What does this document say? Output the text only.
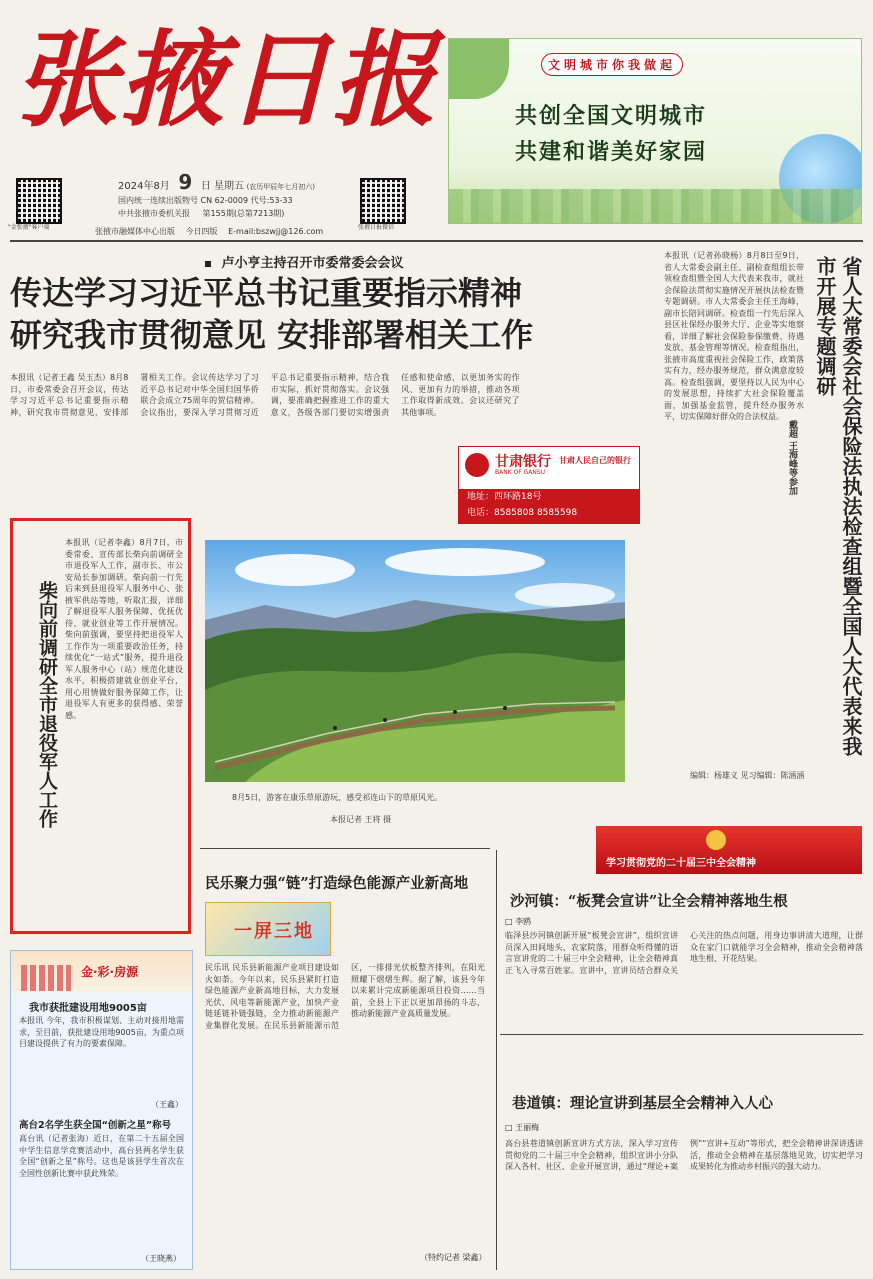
张掖日报
"金张掖"客户端
2024年8月 9 日 星期五 (农历甲辰年七月初六)
国内统一连续出版物号 CN 62-0009 代号:53-33
中共张掖市委机关报 第155期(总第7213期)
张掖日报微信
张掖市融媒体中心出版 今日四版 E-mail:bszwjj@126.com
文明城市你我做起
共创全国文明城市
共建和谐美好家园
卢小亨主持召开市委常委会会议
传达学习习近平总书记重要指示精神
研究我市贯彻意见 安排部署相关工作
本报讯（记者王鑫 吴玉杰）8月8日，市委常委会召开会议，传达学习习近平总书记重要指示精神，研究我市贯彻意见，安排部署相关工作。会议传达学习了习近平总书记对中华全国归国华侨联合会成立75周年的贺信精神。会议指出，要深入学习贯彻习近平总书记重要指示精神，结合我市实际，抓好贯彻落实。会议强调，要准确把握推进工作的重大意义，各级各部门要切实增强责任感和使命感，以更加务实的作风、更加有力的举措，推动各项工作取得新成效。会议还研究了其他事项。
甘肃银行
BANK OF GANSU
甘肃人民自己的银行
地址：西环路18号
电话：8585808 8585598
本报讯（记者孙晓杨）8月8日至9日，省人大常委会副主任、副检查组组长带领检查组暨全国人大代表来我市，就社会保险法贯彻实施情况开展执法检查暨专题调研。市人大常委会主任王海峰，副市长陪同调研。检查组一行先后深入县区社保经办服务大厅、企业等实地察看，详细了解社会保险参保缴费、待遇发放、基金管理等情况。检查组指出，张掖市高度重视社会保险工作，政策落实有力，经办服务规范，群众满意度较高。检查组强调，要坚持以人民为中心的发展思想，持续扩大社会保险覆盖面，加强基金监管，提升经办服务水平，切实保障好群众的合法权益。	省人大常委会社会保险法执法检查组暨全国人大代表来我市开展专题调研
戴超 王海峰等参加
编辑：杨雄义 见习编辑：陈涵涵
柴向前调研全市退役军人工作
本报讯（记者李鑫）8月7日，市委常委、宣传部长柴向前调研全市退役军人工作，副市长、市公安局长参加调研。柴向前一行先后来到县退役军人服务中心、张掖军供站等地，听取汇报，详细了解退役军人服务保障、优抚优待、就业创业等工作开展情况。柴向前强调，要坚持把退役军人工作作为一项重要政治任务，持续优化“一站式”服务，提升退役军人服务中心（站）规范化建设水平，积极搭建就业创业平台，用心用情做好服务保障工作，让退役军人有更多的获得感、荣誉感。
8月5日，游客在康乐草原游玩，感受祁连山下的草原风光。
本报记者 王将 摄
民乐聚力强“链”打造绿色能源产业新高地
一屏三地
民乐讯 民乐县新能源产业项目建设如火如荼。今年以来，民乐县紧盯打造绿色能源产业新高地目标，大力发展光伏、风电等新能源产业，加快产业链延链补链强链，全力推动新能源产业集群化发展。在民乐县新能源示范区，一排排光伏板整齐排列，在阳光照耀下熠熠生辉。据了解，该县今年以来累计完成新能源项目投资……当前，全县上下正以更加昂扬的斗志，推动新能源产业高质量发展。
（特约记者 梁鑫）
金·彩·房源
我市获批建设用地9005亩
本报讯 今年，我市积极谋划、主动对接用地需求，至目前，获批建设用地9005亩，为重点项目建设提供了有力的要素保障。
（王鑫）
高台2名学生获全国“创新之星”称号
高台讯（记者张海）近日，在第二十五届全国中学生信息学竞赛活动中，高台县两名学生获全国“创新之星”称号。这也是该县学生首次在全国性创新比赛中获此殊荣。
（王晓燕）
学习贯彻党的二十届三中全会精神
沙河镇：“板凳会宣讲”让全会精神落地生根
□ 李鸥
临泽县沙河镇创新开展“板凳会宣讲”，组织宣讲员深入田间地头、农家院落，用群众听得懂的语言宣讲党的二十届三中全会精神，让全会精神真正飞入寻常百姓家。宣讲中，宣讲员结合群众关心关注的热点问题，用身边事讲清大道理，让群众在家门口就能学习全会精神，推动全会精神落地生根、开花结果。
巷道镇：理论宣讲到基层全会精神入人心
□ 王丽梅
高台县巷道镇创新宣讲方式方法，深入学习宣传贯彻党的二十届三中全会精神，组织宣讲小分队深入各村、社区、企业开展宣讲，通过“理论+案例”“宣讲+互动”等形式，把全会精神讲深讲透讲活，推动全会精神在基层落地见效，切实把学习成果转化为推动乡村振兴的强大动力。
